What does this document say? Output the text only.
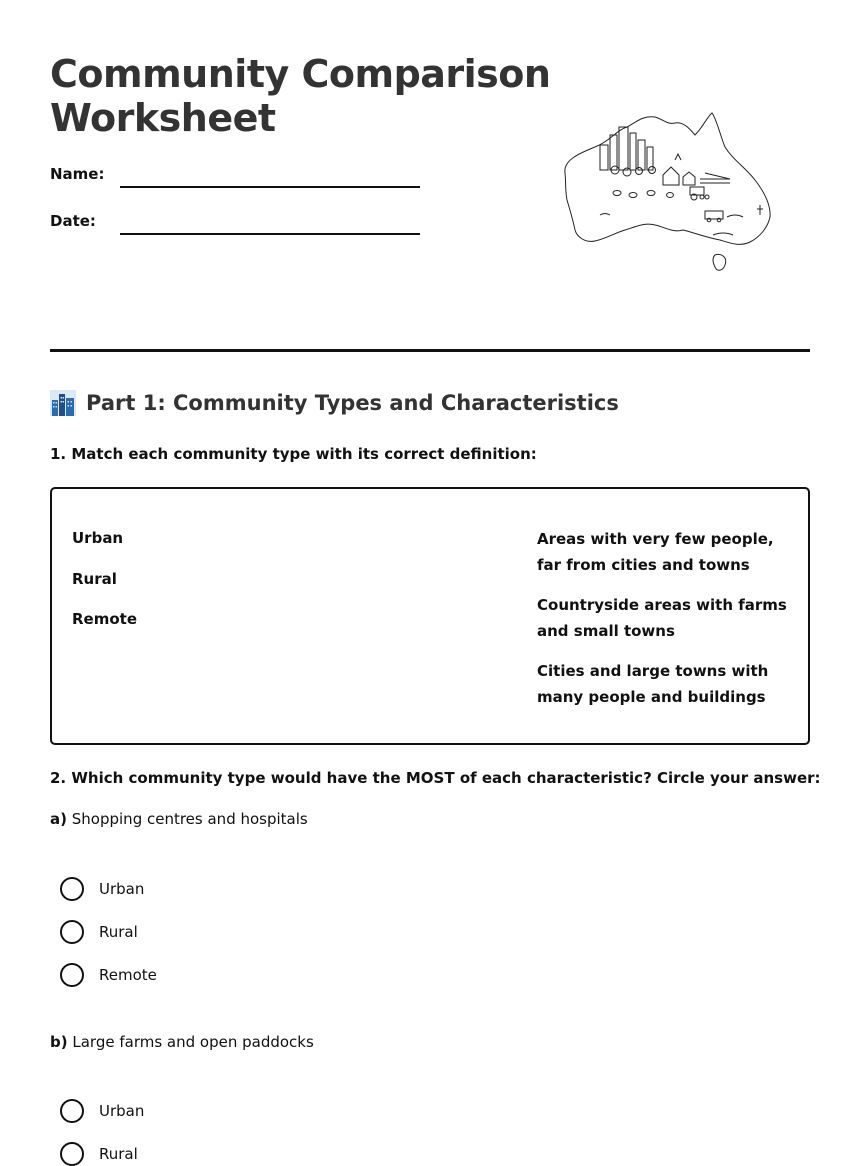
Community Comparison
Worksheet
Name:
Date:
Part 1: Community Types and Characteristics
1. Match each community type with its correct definition:
Urban
Rural
Remote
Areas with very few people, far from cities and towns
Countryside areas with farms and small towns
Cities and large towns with many people and buildings
2. Which community type would have the MOST of each characteristic? Circle your answer:
a) Shopping centres and hospitals
Urban
Rural
Remote
b) Large farms and open paddocks
Urban
Rural
